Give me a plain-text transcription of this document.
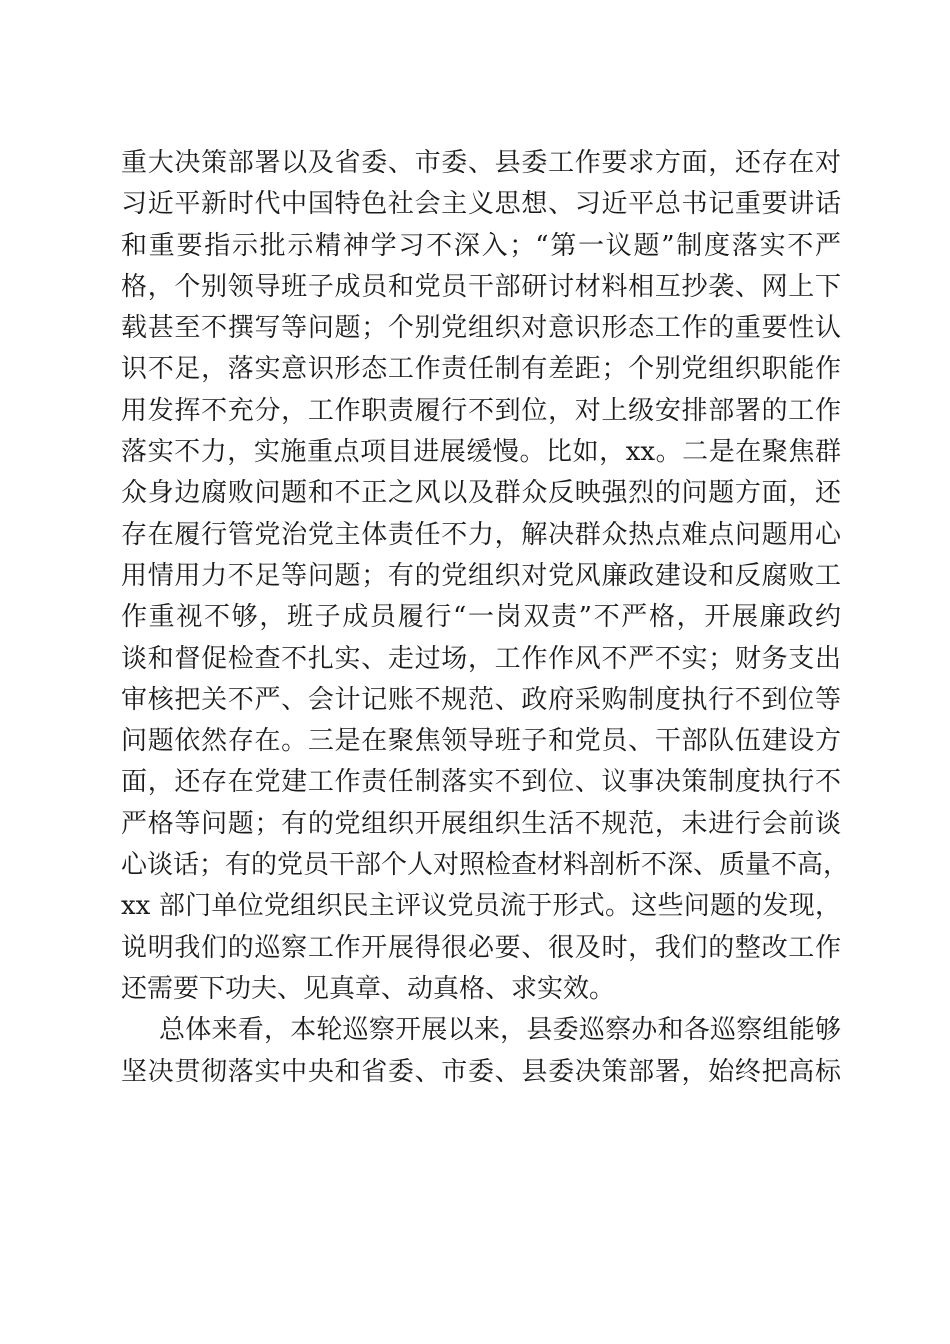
重大决策部署以及省委、市委、县委工作要求方面，还存在对
习近平新时代中国特色社会主义思想、习近平总书记重要讲话
和重要指示批示精神学习不深入；“第一议题”制度落实不严
格，个别领导班子成员和党员干部研讨材料相互抄袭、网上下
载甚至不撰写等问题；个别党组织对意识形态工作的重要性认
识不足，落实意识形态工作责任制有差距；个别党组织职能作
用发挥不充分，工作职责履行不到位，对上级安排部署的工作
落实不力，实施重点项目进展缓慢。比如，xx。二是在聚焦群
众身边腐败问题和不正之风以及群众反映强烈的问题方面，还
存在履行管党治党主体责任不力，解决群众热点难点问题用心
用情用力不足等问题；有的党组织对党风廉政建设和反腐败工
作重视不够，班子成员履行“一岗双责”不严格，开展廉政约
谈和督促检查不扎实、走过场，工作作风不严不实；财务支出
审核把关不严、会计记账不规范、政府采购制度执行不到位等
问题依然存在。三是在聚焦领导班子和党员、干部队伍建设方
面，还存在党建工作责任制落实不到位、议事决策制度执行不
严格等问题；有的党组织开展组织生活不规范，未进行会前谈
心谈话；有的党员干部个人对照检查材料剖析不深、质量不高，
xx 部门单位党组织民主评议党员流于形式。这些问题的发现，
说明我们的巡察工作开展得很必要、很及时，我们的整改工作
还需要下功夫、见真章、动真格、求实效。
总体来看，本轮巡察开展以来，县委巡察办和各巡察组能够
坚决贯彻落实中央和省委、市委、县委决策部署，始终把高标
